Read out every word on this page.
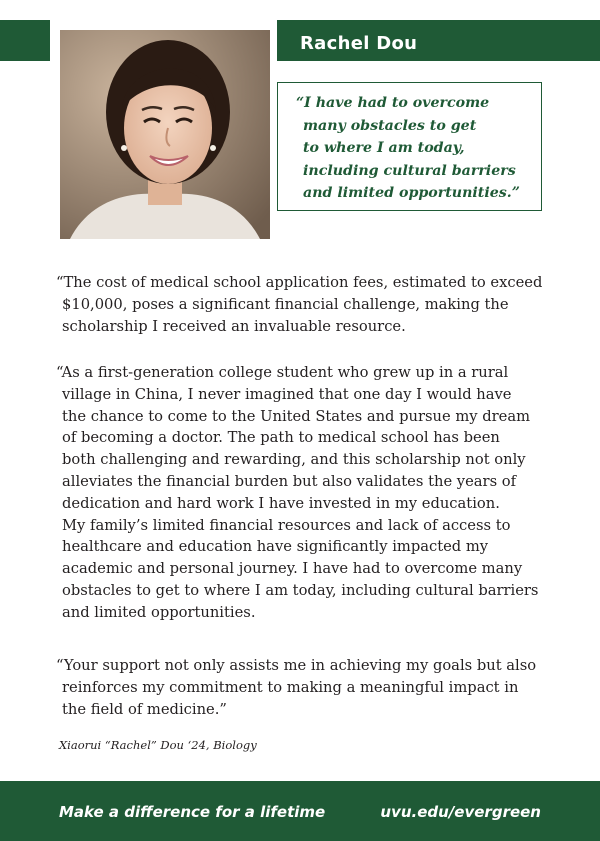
Rachel Dou
“I have had to overcome
many obstacles to get
to where I am today,
including cultural barriers
and limited opportunities.”
“The cost of medical school application fees, estimated to exceed
$10,000, poses a significant financial challenge, making the
scholarship I received an invaluable resource.
“As a first-generation college student who grew up in a rural
village in China, I never imagined that one day I would have
the chance to come to the United States and pursue my dream
of becoming a doctor. The path to medical school has been
both challenging and rewarding, and this scholarship not only
alleviates the financial burden but also validates the years of
dedication and hard work I have invested in my education.
My family’s limited financial resources and lack of access to
healthcare and education have significantly impacted my
academic and personal journey. I have had to overcome many
obstacles to get to where I am today, including cultural barriers
and limited opportunities.
“Your support not only assists me in achieving my goals but also
reinforces my commitment to making a meaningful impact in
the field of medicine.”
Xiaorui “Rachel” Dou ‘24, Biology
Make a difference for a lifetime	uvu.edu/evergreen
